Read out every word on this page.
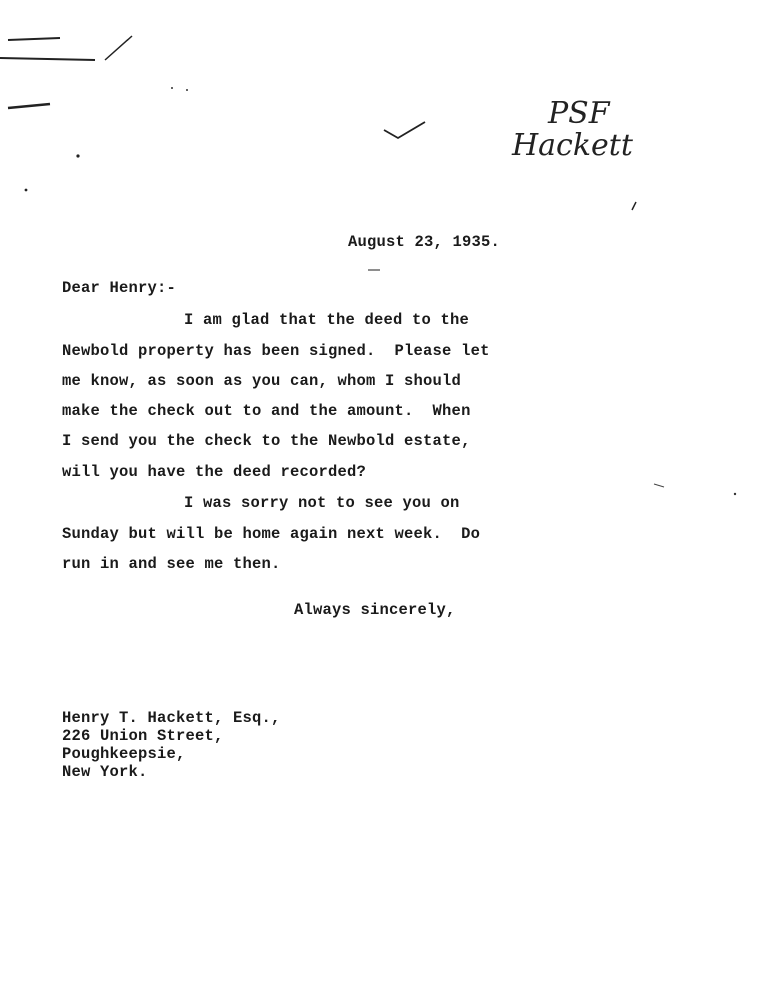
PSF
Hackett
August 23, 1935.
Dear Henry:-
I am glad that the deed to the
Newbold property has been signed.  Please let
me know, as soon as you can, whom I should
make the check out to and the amount.  When
I send you the check to the Newbold estate,
will you have the deed recorded?
I was sorry not to see you on
Sunday but will be home again next week.  Do
run in and see me then.
Always sincerely,
Henry T. Hackett, Esq.,
226 Union Street,
Poughkeepsie,
New York.
